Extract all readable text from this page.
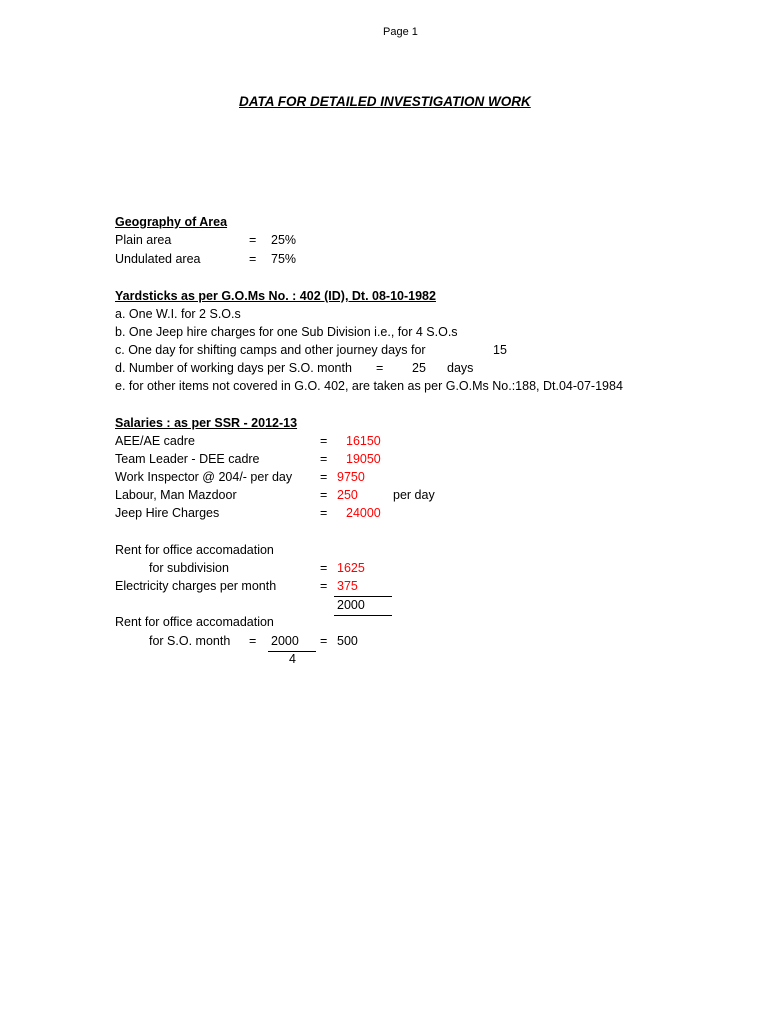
Page 1
DATA FOR DETAILED INVESTIGATION WORK
Geography of Area
Plain area	= 25%
Undulated area	= 75%
Yardsticks as per G.O.Ms No. : 402 (ID), Dt. 08-10-1982
a. One W.I. for 2 S.O.s
b. One Jeep hire charges for one Sub Division i.e., for 4 S.O.s
c. One day for shifting camps and other journey days for	15
d. Number of working days per S.O. month = 25 days
e. for other items not covered in G.O. 402, are taken as per G.O.Ms No.:188, Dt.04-07-1984
Salaries : as per SSR - 2012-13
AEE/AE cadre	= 16150
Team Leader - DEE cadre	= 19050
Work Inspector @ 204/- per day = 9750
Labour, Man Mazdoor	= 250	per day
Jeep Hire Charges	= 24000
Rent for office accomadation
for subdivision	= 1625
Electricity charges per month	= 375
2000
Rent for office accomadation
for S.O. month = 2000
4
= 500
